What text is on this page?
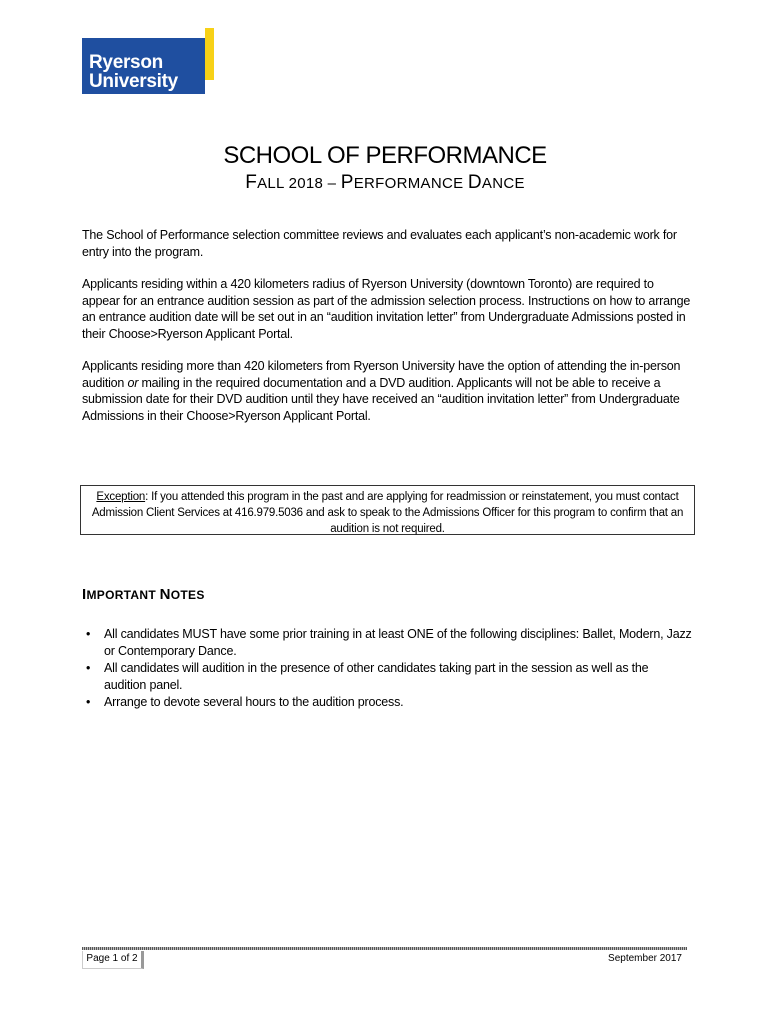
Ryerson
University
SCHOOL OF PERFORMANCE
FALL 2018 – PERFORMANCE DANCE
The School of Performance selection committee reviews and evaluates each applicant’s non-academic work for entry into the program.
Applicants residing within a 420 kilometers radius of Ryerson University (downtown Toronto) are required to appear for an entrance audition session as part of the admission selection process. Instructions on how to arrange an entrance audition date will be set out in an “audition invitation letter” from Undergraduate Admissions posted in their Choose>Ryerson Applicant Portal.
Applicants residing more than 420 kilometers from Ryerson University have the option of attending the in-person audition or mailing in the required documentation and a DVD audition. Applicants will not be able to receive a submission date for their DVD audition until they have received an “audition invitation letter” from Undergraduate Admissions in their Choose>Ryerson Applicant Portal.
Exception: If you attended this program in the past and are applying for readmission or reinstatement, you must contact Admission Client Services at 416.979.5036 and ask to speak to the Admissions Officer for this program to confirm that an audition is not required.
IMPORTANT NOTES
• All candidates MUST have some prior training in at least ONE of the following disciplines: Ballet, Modern, Jazz or Contemporary Dance.
• All candidates will audition in the presence of other candidates taking part in the session as well as the audition panel.
• Arrange to devote several hours to the audition process.
Page 1 of 2	September 2017
